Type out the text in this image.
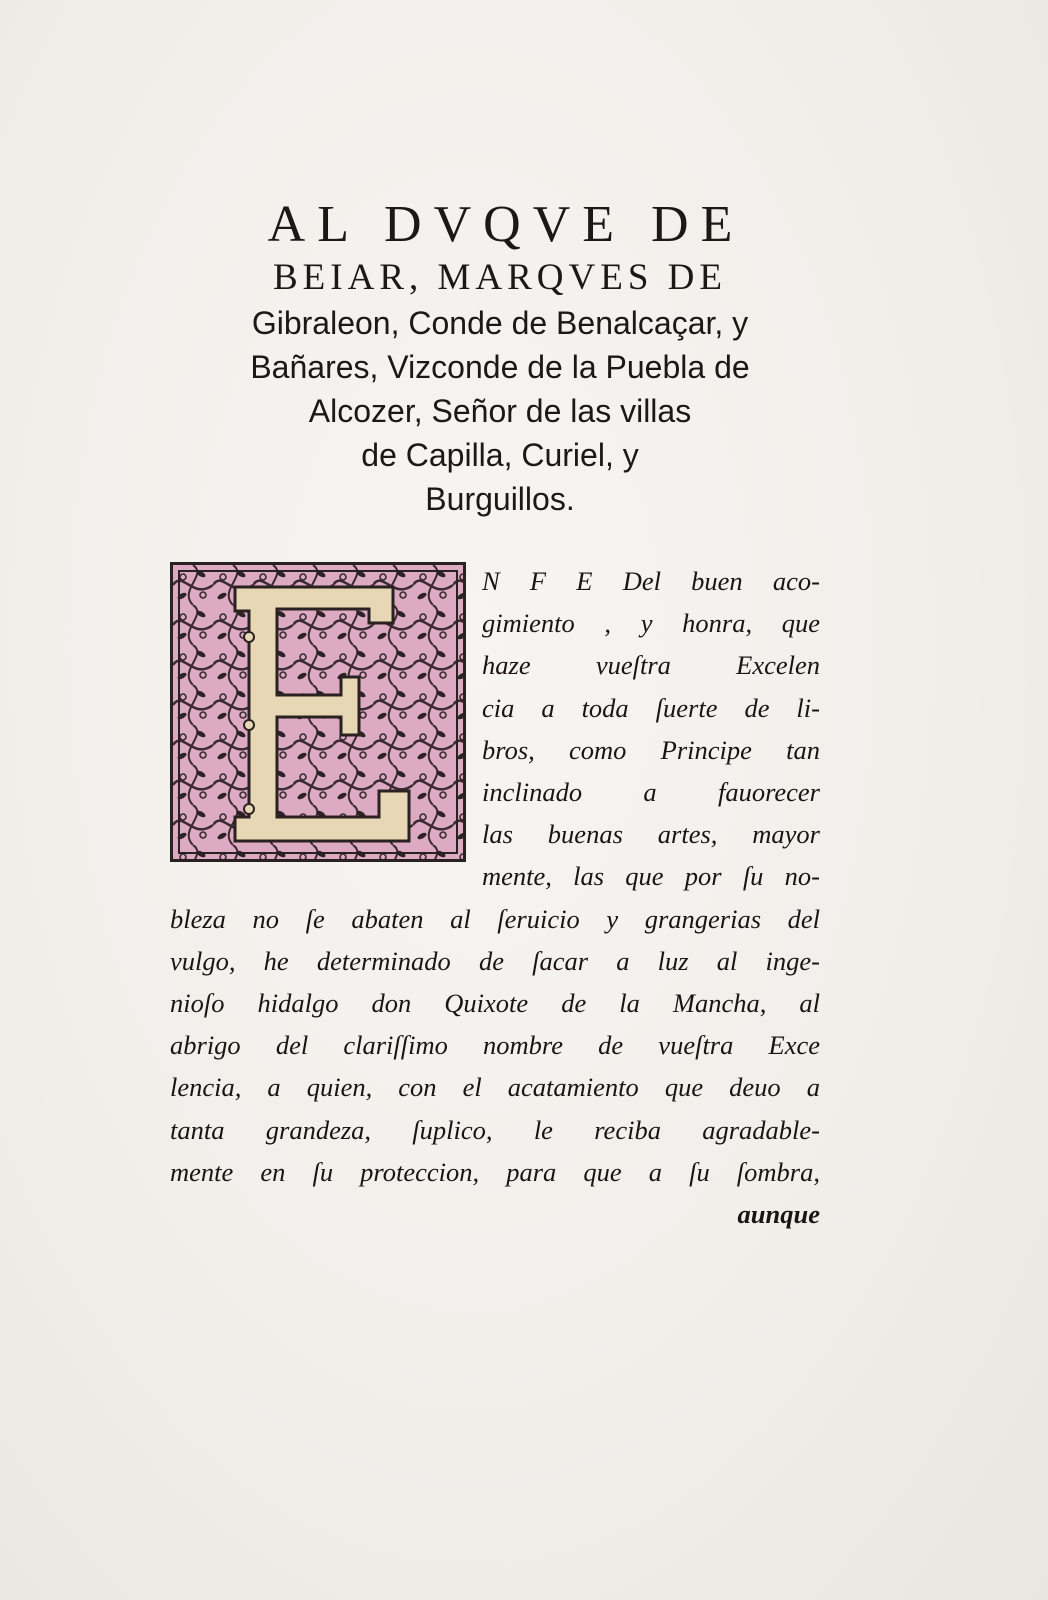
AL DVQVE DE
BEIAR, MARQVES DE
Gibraleon, Conde de Benalcaçar, y
Bañares, Vizconde de la Puebla de
Alcozer, Señor de las villas
de Capilla, Curiel, y
Burguillos.
N F E Del buen aco-
gimiento , y honra, que
haze vueſtra Excelen
cia a toda ſuerte de li-
bros, como Principe tan
inclinado a fauorecer
las buenas artes, mayor
mente, las que por ſu no-
bleza no ſe abaten al ſeruicio y grangerias del
vulgo, he determinado de ſacar a luz al inge-
nioſo hidalgo don Quixote de la Mancha, al
abrigo del clariſſimo nombre de vueſtra Exce
lencia, a quien, con el acatamiento que deuo a
tanta grandeza, ſuplico, le reciba agradable-
mente en ſu proteccion, para que a ſu ſombra,
aunque
